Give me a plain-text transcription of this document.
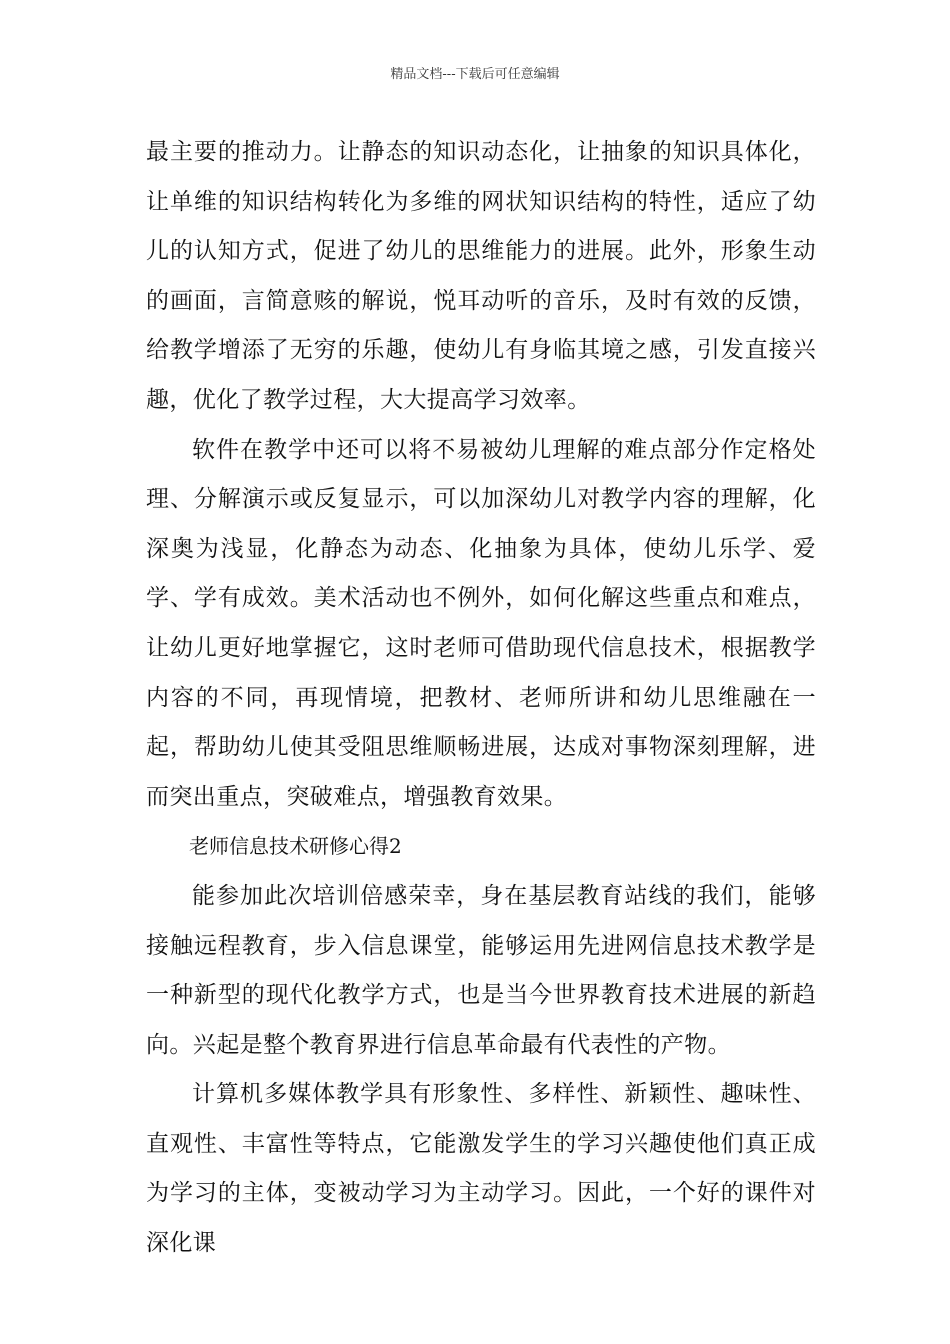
精品文档---下载后可任意编辑

最主要的推动力。让静态的知识动态化，让抽象的知识具体化，让单维的知识结构转化为多维的网状知识结构的特性，适应了幼儿的认知方式，促进了幼儿的思维能力的进展。此外，形象生动的画面，言简意赅的解说，悦耳动听的音乐，及时有效的反馈，给教学增添了无穷的乐趣，使幼儿有身临其境之感，引发直接兴趣，优化了教学过程，大大提高学习效率。

软件在教学中还可以将不易被幼儿理解的难点部分作定格处理、分解演示或反复显示，可以加深幼儿对教学内容的理解，化深奥为浅显，化静态为动态、化抽象为具体，使幼儿乐学、爱学、学有成效。美术活动也不例外，如何化解这些重点和难点，让幼儿更好地掌握它，这时老师可借助现代信息技术，根据教学内容的不同，再现情境，把教材、老师所讲和幼儿思维融在一起，帮助幼儿使其受阻思维顺畅进展，达成对事物深刻理解，进而突出重点，突破难点，增强教育效果。

老师信息技术研修心得2

能参加此次培训倍感荣幸，身在基层教育站线的我们，能够接触远程教育，步入信息课堂，能够运用先进网信息技术教学是一种新型的现代化教学方式，也是当今世界教育技术进展的新趋向。兴起是整个教育界进行信息革命最有代表性的产物。

计算机多媒体教学具有形象性、多样性、新颖性、趣味性、直观性、丰富性等特点，它能激发学生的学习兴趣使他们真正成为学习的主体，变被动学习为主动学习。因此，一个好的课件对深化课
